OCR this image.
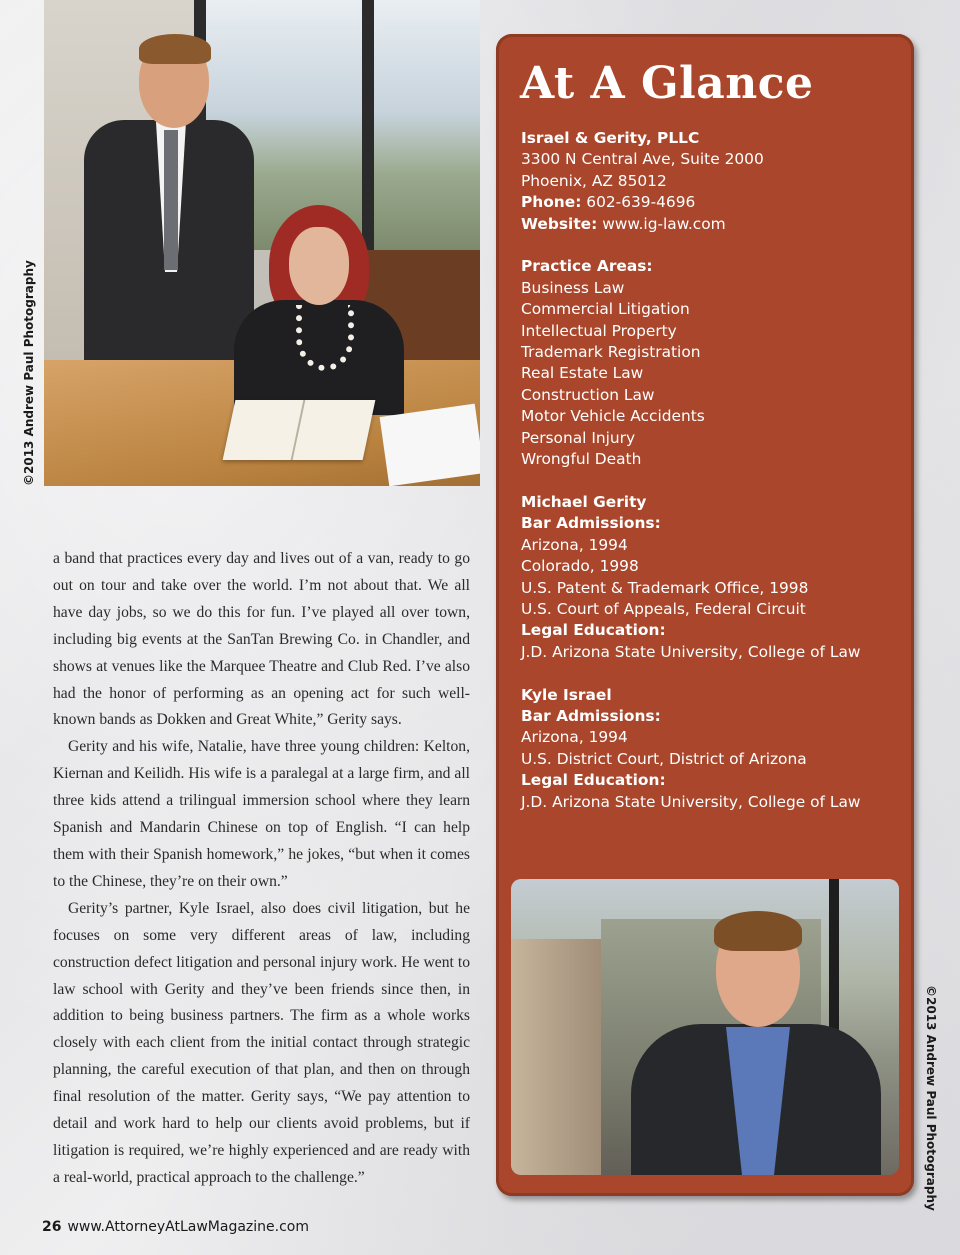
©2013 Andrew Paul Photography

a band that practices every day and lives out of a van, ready to go out on tour and take over the world. I’m not about that. We all have day jobs, so we do this for fun. I’ve played all over town, including big events at the SanTan Brewing Co. in Chandler, and shows at venues like the Marquee Theatre and Club Red. I’ve also had the honor of performing as an opening act for such well-known bands as Dokken and Great White,” Gerity says.

Gerity and his wife, Natalie, have three young children: Kelton, Kiernan and Keilidh. His wife is a paralegal at a large firm, and all three kids attend a trilingual immersion school where they learn Spanish and Mandarin Chinese on top of English. “I can help them with their Spanish homework,” he jokes, “but when it comes to the Chinese, they’re on their own.”

Gerity’s partner, Kyle Israel, also does civil litigation, but he focuses on some very different areas of law, including construction defect litigation and personal injury work. He went to law school with Gerity and they’ve been friends since then, in addition to being business partners. The firm as a whole works closely with each client from the initial contact through strategic planning, the careful execution of that plan, and then on through final resolution of the matter. Gerity says, “We pay attention to detail and work hard to help our clients avoid problems, but if litigation is required, we’re highly experienced and are ready with a real-world, practical approach to the challenge.”

26 www.AttorneyAtLawMagazine.com
At A Glance
Israel & Gerity, PLLC
3300 N Central Ave, Suite 2000
Phoenix, AZ 85012
Phone: 602-639-4696
Website: www.ig-law.com
Practice Areas:
Business Law
Commercial Litigation
Intellectual Property
Trademark Registration
Real Estate Law
Construction Law
Motor Vehicle Accidents
Personal Injury
Wrongful Death
Michael Gerity
Bar Admissions:
Arizona, 1994
Colorado, 1998
U.S. Patent & Trademark Office, 1998
U.S. Court of Appeals, Federal Circuit
Legal Education:
J.D. Arizona State University, College of Law
Kyle Israel
Bar Admissions:
Arizona, 1994
U.S. District Court, District of Arizona
Legal Education:
J.D. Arizona State University, College of Law
©2013 Andrew Paul Photography
